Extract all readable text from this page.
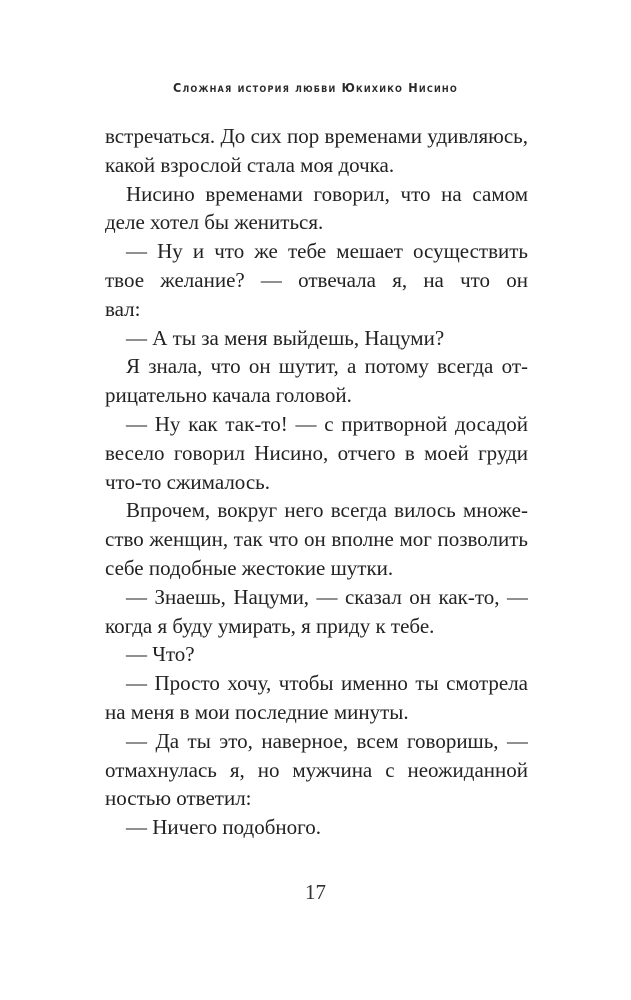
Сложная история любви Юкихико Нисино
встречаться. До сих пор временами удивляюсь,
какой взрослой стала моя дочка.
Нисино временами говорил, что на самом
деле хотел бы жениться.
— Ну и что же тебе мешает осуществить
твое желание? — отвечала я, на что он
вал:
— А ты за меня выйдешь, Нацуми?
Я знала, что он шутит, а потому всегда от-
рицательно качала головой.
— Ну как так-то! — с притворной досадой
весело говорил Нисино, отчего в моей груди
что-то сжималось.
Впрочем, вокруг него всегда вилось множе-
ство женщин, так что он вполне мог позволить
себе подобные жестокие шутки.
— Знаешь, Нацуми, — сказал он как-то, —
когда я буду умирать, я приду к тебе.
— Что?
— Просто хочу, чтобы именно ты смотрела
на меня в мои последние минуты.
— Да ты это, наверное, всем говоришь, —
отмахнулась я, но мужчина с неожиданной
ностью ответил:
— Ничего подобного.
17
